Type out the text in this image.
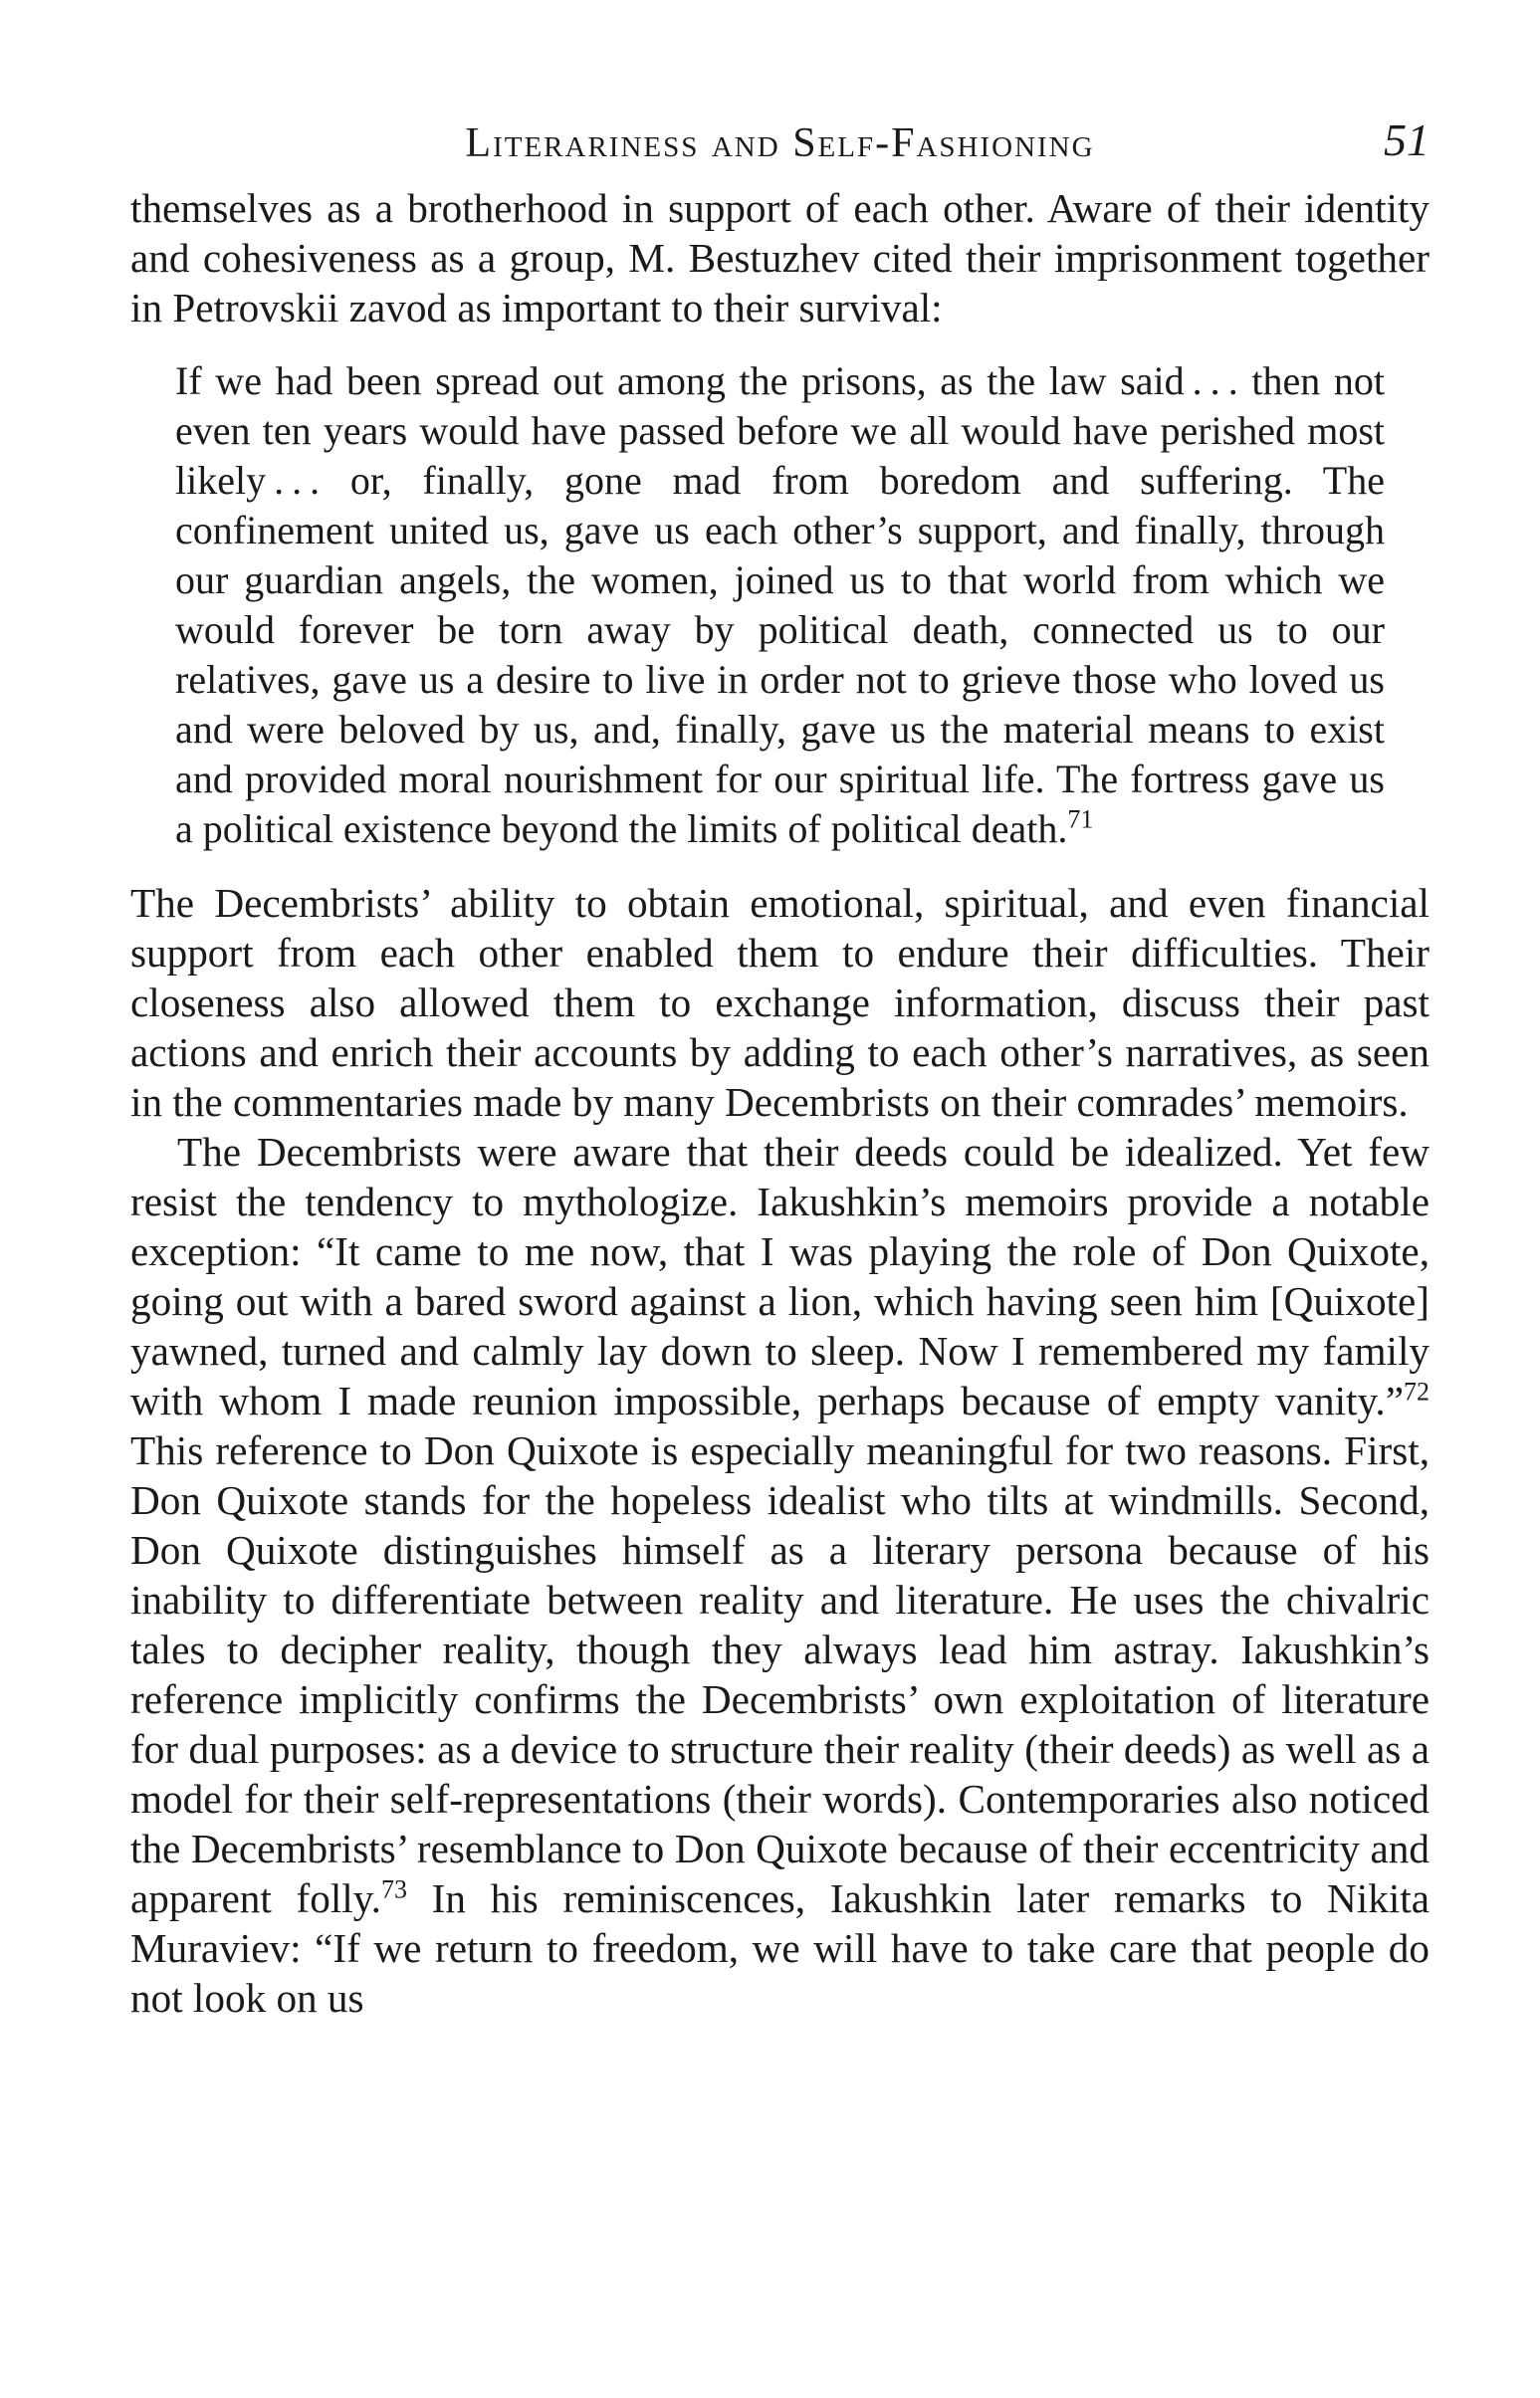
Literariness and Self-Fashioning	51

themselves as a brotherhood in support of each other. Aware of their identity and cohesiveness as a group, M. Bestuzhev cited their imprisonment together in Petrovskii zavod as important to their survival:

If we had been spread out among the prisons, as the law said . . . then not even ten years would have passed before we all would have perished most likely . . . or, finally, gone mad from boredom and suffering. The confinement united us, gave us each other’s support, and finally, through our guardian angels, the women, joined us to that world from which we would forever be torn away by political death, connected us to our relatives, gave us a desire to live in order not to grieve those who loved us and were beloved by us, and, finally, gave us the material means to exist and provided moral nourishment for our spiritual life. The fortress gave us a political existence beyond the limits of political death.$^{71}$

The Decembrists’ ability to obtain emotional, spiritual, and even financial support from each other enabled them to endure their difficulties. Their closeness also allowed them to exchange information, discuss their past actions and enrich their accounts by adding to each other’s narratives, as seen in the commentaries made by many Decembrists on their comrades’ memoirs.

The Decembrists were aware that their deeds could be idealized. Yet few resist the tendency to mythologize. Iakushkin’s memoirs provide a notable exception: “It came to me now, that I was playing the role of Don Quixote, going out with a bared sword against a lion, which having seen him [Quixote] yawned, turned and calmly lay down to sleep. Now I remembered my family with whom I made reunion impossible, perhaps because of empty vanity.”$^{72}$ This reference to Don Quixote is especially meaningful for two reasons. First, Don Quixote stands for the hopeless idealist who tilts at windmills. Second, Don Quixote distinguishes himself as a literary persona because of his inability to differentiate between reality and literature. He uses the chivalric tales to decipher reality, though they always lead him astray. Iakushkin’s reference implicitly confirms the Decembrists’ own exploitation of literature for dual purposes: as a device to structure their reality (their deeds) as well as a model for their self-representations (their words). Contemporaries also noticed the Decembrists’ resemblance to Don Quixote because of their eccentricity and apparent folly.$^{73}$ In his reminiscences, Iakushkin later remarks to Nikita Muraviev: “If we return to freedom, we will have to take care that people do not look on us
